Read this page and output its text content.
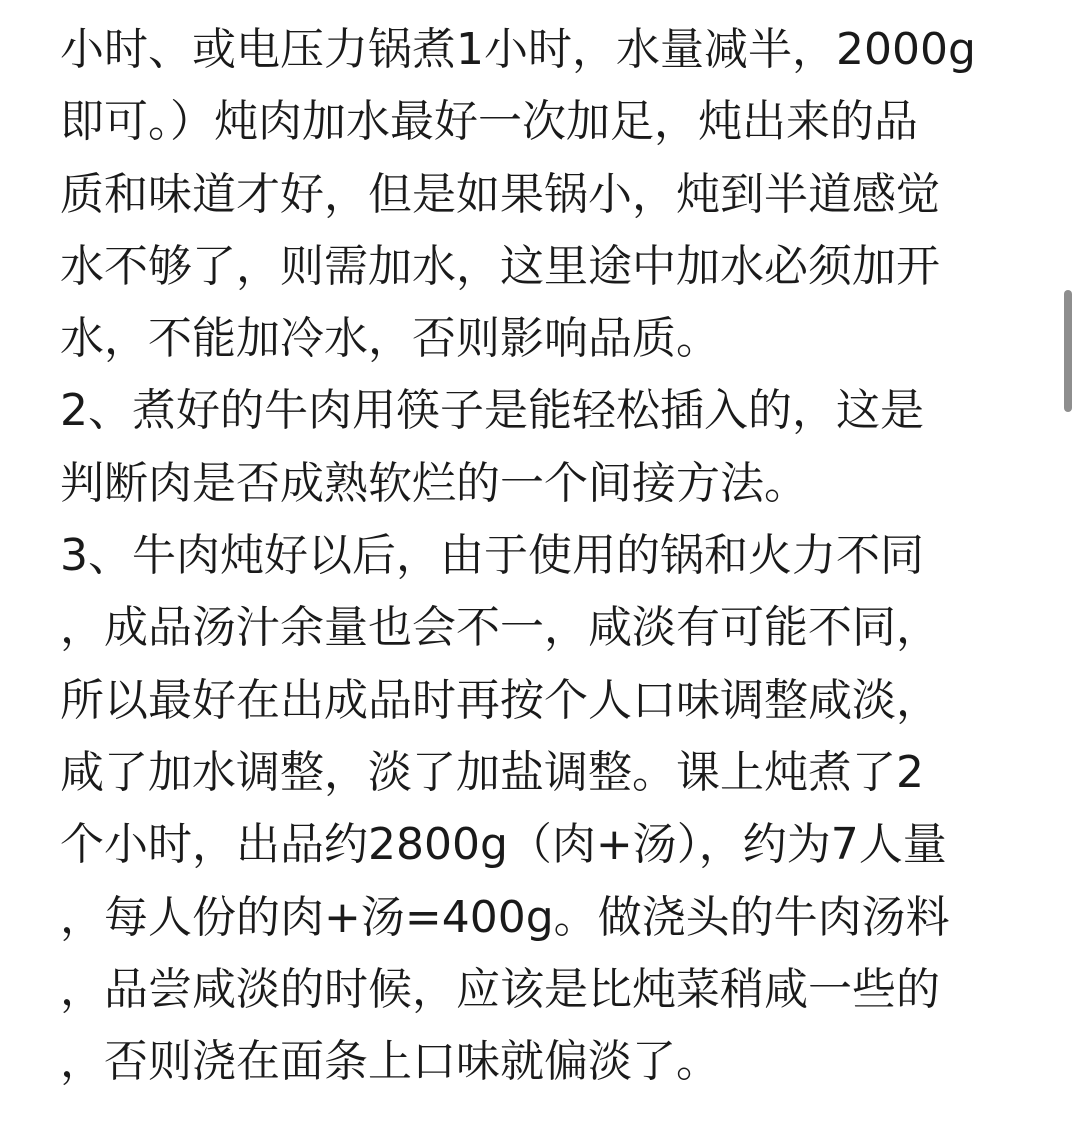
小时、或电压力锅煮1小时，水量减半，2000g
即可。）炖肉加水最好一次加足，炖出来的品
质和味道才好，但是如果锅小，炖到半道感觉
水不够了，则需加水，这里途中加水必须加开
水，不能加冷水，否则影响品质。
2、煮好的牛肉用筷子是能轻松插入的，这是
判断肉是否成熟软烂的一个间接方法。
3、牛肉炖好以后，由于使用的锅和火力不同
，成品汤汁余量也会不一，咸淡有可能不同，
所以最好在出成品时再按个人口味调整咸淡，
咸了加水调整，淡了加盐调整。课上炖煮了2
个小时，出品约2800g（肉+汤），约为7人量
，每人份的肉+汤=400g。做浇头的牛肉汤料
，品尝咸淡的时候，应该是比炖菜稍咸一些的
，否则浇在面条上口味就偏淡了。
